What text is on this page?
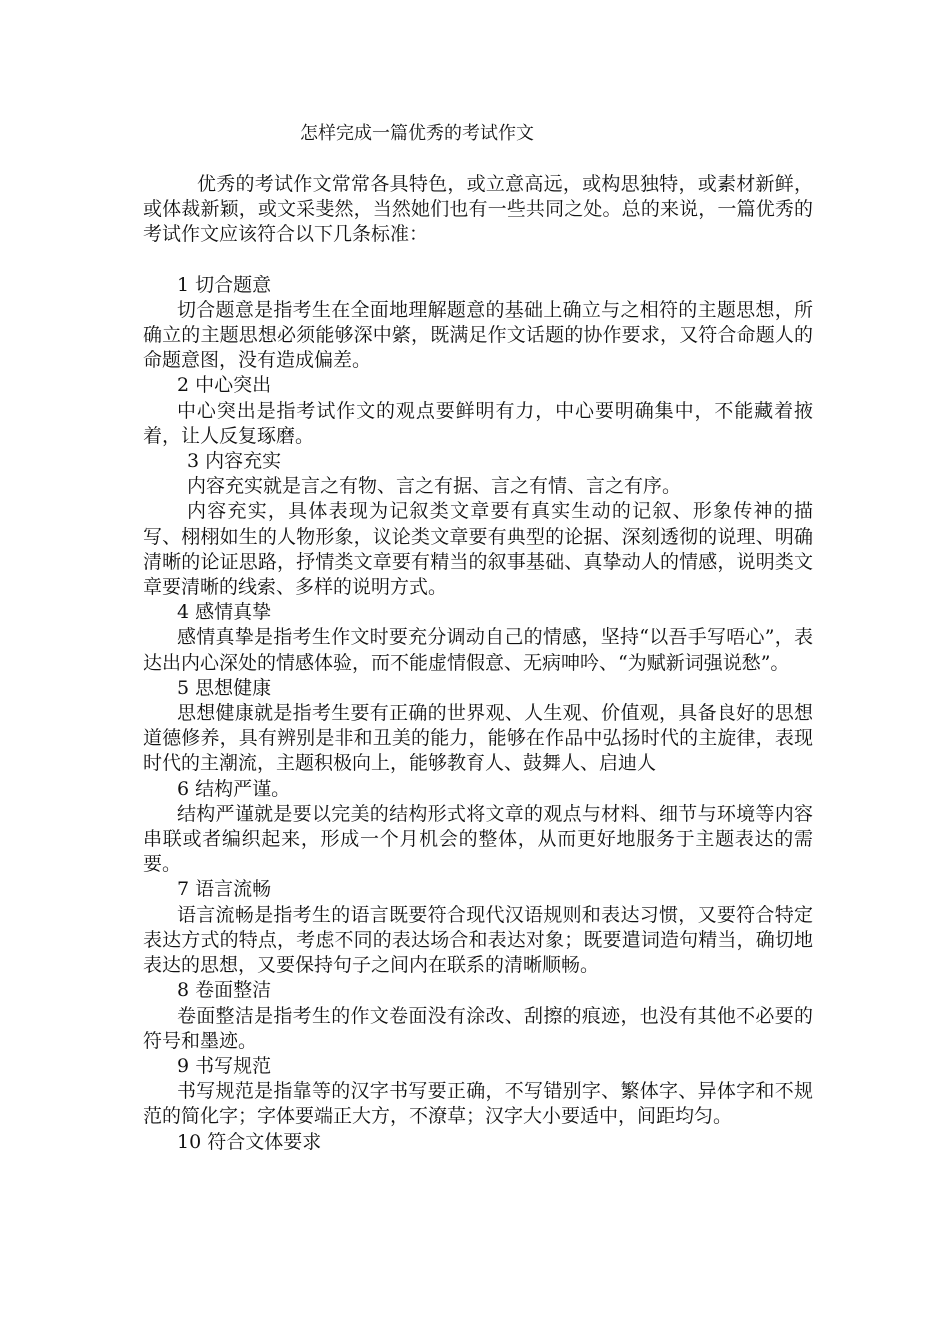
怎样完成一篇优秀的考试作文

优秀的考试作文常常各具特色，或立意高远，或构思独特，或素材新鲜，或体裁新颖，或文采斐然，当然她们也有一些共同之处。总的来说，一篇优秀的考试作文应该符合以下几条标准：

1 切合题意

切合题意是指考生在全面地理解题意的基础上确立与之相符的主题思想，所确立的主题思想必须能够深中綮，既满足作文话题的协作要求，又符合命题人的命题意图，没有造成偏差。

2 中心突出

中心突出是指考试作文的观点要鲜明有力，中心要明确集中，不能藏着掖着，让人反复琢磨。

3 内容充实

内容充实就是言之有物、言之有据、言之有情、言之有序。

内容充实，具体表现为记叙类文章要有真实生动的记叙、形象传神的描写、栩栩如生的人物形象，议论类文章要有典型的论据、深刻透彻的说理、明确清晰的论证思路，抒情类文章要有精当的叙事基础、真挚动人的情感，说明类文章要清晰的线索、多样的说明方式。

4 感情真挚

感情真挚是指考生作文时要充分调动自己的情感，坚持“以吾手写唔心”，表达出内心深处的情感体验，而不能虚情假意、无病呻吟、“为赋新词强说愁”。

5 思想健康

思想健康就是指考生要有正确的世界观、人生观、价值观，具备良好的思想道德修养，具有辨别是非和丑美的能力，能够在作品中弘扬时代的主旋律，表现时代的主潮流，主题积极向上，能够教育人、鼓舞人、启迪人

6 结构严谨。

结构严谨就是要以完美的结构形式将文章的观点与材料、细节与环境等内容串联或者编织起来，形成一个月机会的整体，从而更好地服务于主题表达的需要。

7 语言流畅

语言流畅是指考生的语言既要符合现代汉语规则和表达习惯，又要符合特定表达方式的特点，考虑不同的表达场合和表达对象；既要遣词造句精当，确切地表达的思想，又要保持句子之间内在联系的清晰顺畅。

8 卷面整洁

卷面整洁是指考生的作文卷面没有涂改、刮擦的痕迹，也没有其他不必要的符号和墨迹。

9 书写规范

书写规范是指靠等的汉字书写要正确，不写错别字、繁体字、异体字和不规范的简化字；字体要端正大方，不潦草；汉字大小要适中，间距均匀。

10 符合文体要求
